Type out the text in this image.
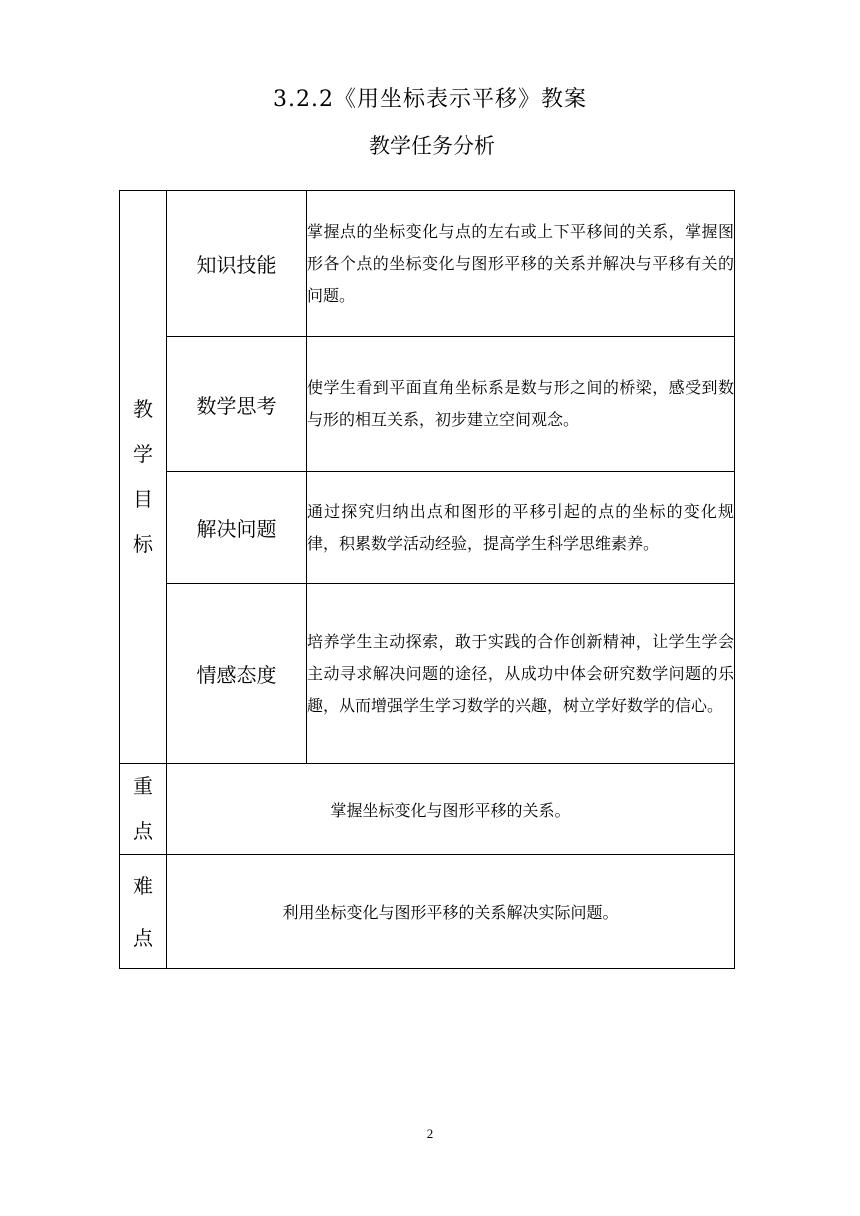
3.2.2《用坐标表示平移》教案
教学任务分析
教
学
目
标	知识技能	掌握点的坐标变化与点的左右或上下平移间的关系，掌握图形各个点的坐标变化与图形平移的关系并解决与平移有关的问题。
	数学思考	使学生看到平面直角坐标系是数与形之间的桥梁，感受到数与形的相互关系，初步建立空间观念。
	解决问题	通过探究归纳出点和图形的平移引起的点的坐标的变化规律，积累数学活动经验，提高学生科学思维素养。
	情感态度	培养学生主动探索，敢于实践的合作创新精神，让学生学会主动寻求解决问题的途径，从成功中体会研究数学问题的乐趣，从而增强学生学习数学的兴趣，树立学好数学的信心。

重
点	掌握坐标变化与图形平移的关系。	

难
点	利用坐标变化与图形平移的关系解决实际问题。	
2
